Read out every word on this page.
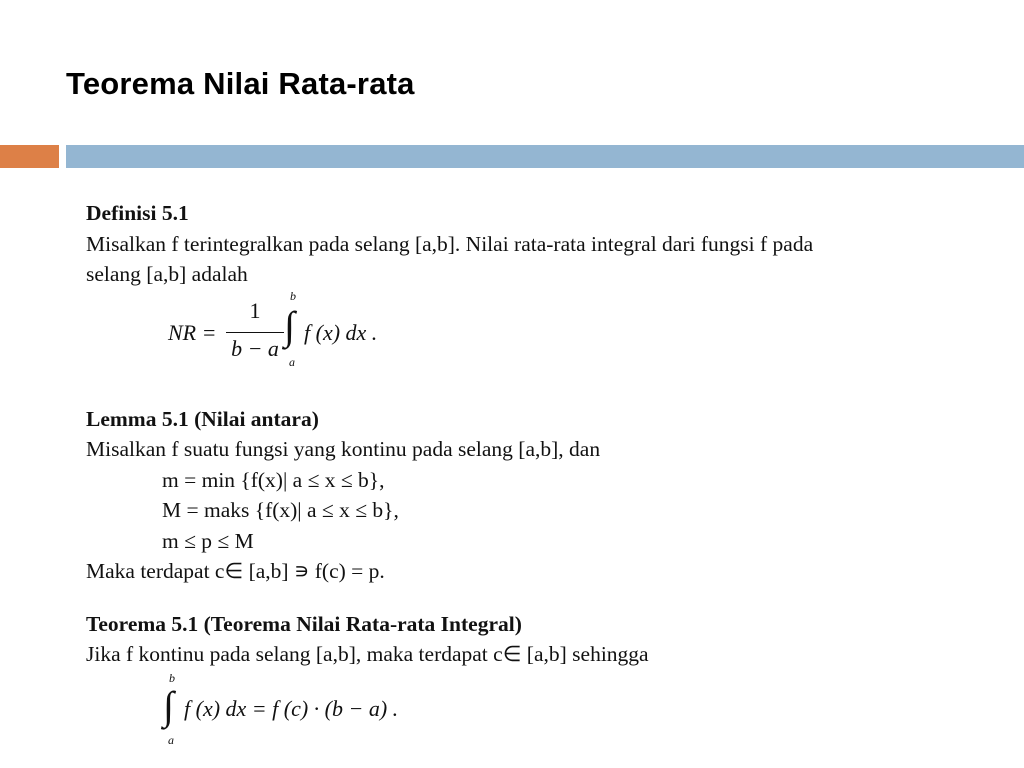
Teorema Nilai Rata-rata
Definisi 5.1
Misalkan f terintegralkan pada selang [a,b]. Nilai rata-rata integral dari fungsi f pada
selang [a,b] adalah
NR =
1
b − a
b
∫
a
f (x) dx .
Lemma 5.1 (Nilai antara)
Misalkan f suatu fungsi yang kontinu pada selang [a,b], dan
m = min {f(x)| a ≤ x ≤ b},
M = maks {f(x)| a ≤ x ≤ b},
m ≤ p ≤ M
Maka terdapat c∈ [a,b] ∍ f(c) = p.
Teorema 5.1 (Teorema Nilai Rata-rata Integral)
Jika f kontinu pada selang [a,b], maka terdapat c∈ [a,b] sehingga
b
∫
a
f (x) dx = f (c) · (b − a) .
